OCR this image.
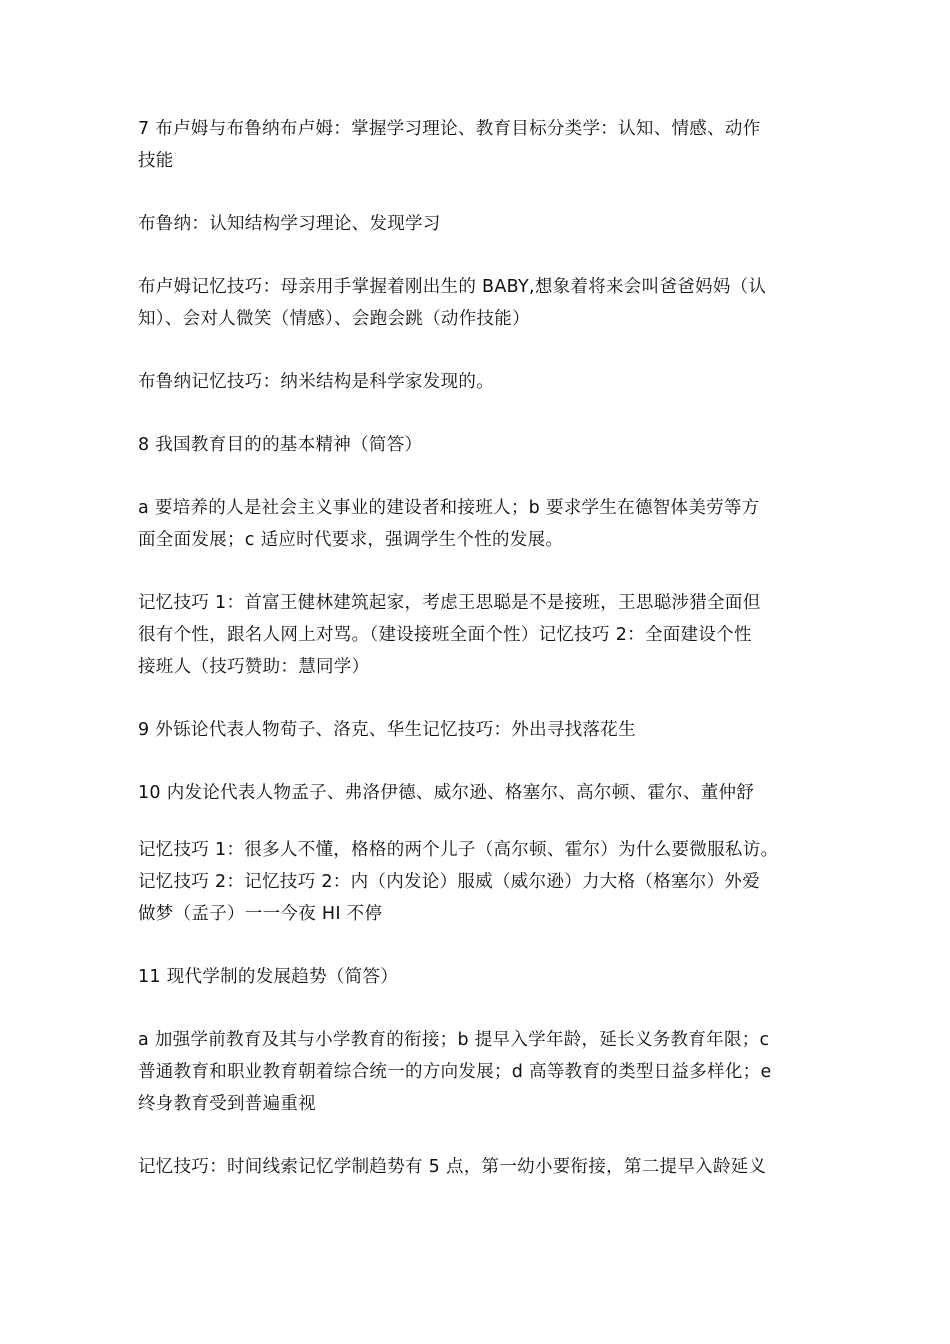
7 布卢姆与布鲁纳布卢姆：掌握学习理论、教育目标分类学：认知、情感、动作
技能
布鲁纳：认知结构学习理论、发现学习
布卢姆记忆技巧：母亲用手掌握着刚出生的 BABY,想象着将来会叫爸爸妈妈（认
知）、会对人微笑（情感）、会跑会跳（动作技能）
布鲁纳记忆技巧：纳米结构是科学家发现的。
8 我国教育目的的基本精神（简答）
a 要培养的人是社会主义事业的建设者和接班人；b 要求学生在德智体美劳等方
面全面发展；c 适应时代要求，强调学生个性的发展。
记忆技巧 1：首富王健林建筑起家，考虑王思聪是不是接班，王思聪涉猎全面但
很有个性，跟名人网上对骂。（建设接班全面个性）记忆技巧 2：全面建设个性
接班人（技巧赞助：慧同学）
9 外铄论代表人物荀子、洛克、华生记忆技巧：外出寻找落花生
10 内发论代表人物孟子、弗洛伊德、威尔逊、格塞尔、高尔顿、霍尔、董仲舒
记忆技巧 1：很多人不懂，格格的两个儿子（高尔顿、霍尔）为什么要微服私访。
记忆技巧 2：记忆技巧 2：内（内发论）服威（威尔逊）力大格（格塞尔）外爱
做梦（孟子）一一今夜 HI 不停
11 现代学制的发展趋势（简答）
a 加强学前教育及其与小学教育的衔接；b 提早入学年龄，延长义务教育年限；c
普通教育和职业教育朝着综合统一的方向发展；d 高等教育的类型日益多样化；e
终身教育受到普遍重视
记忆技巧：时间线索记忆学制趋势有 5 点，第一幼小要衔接，第二提早入龄延义
